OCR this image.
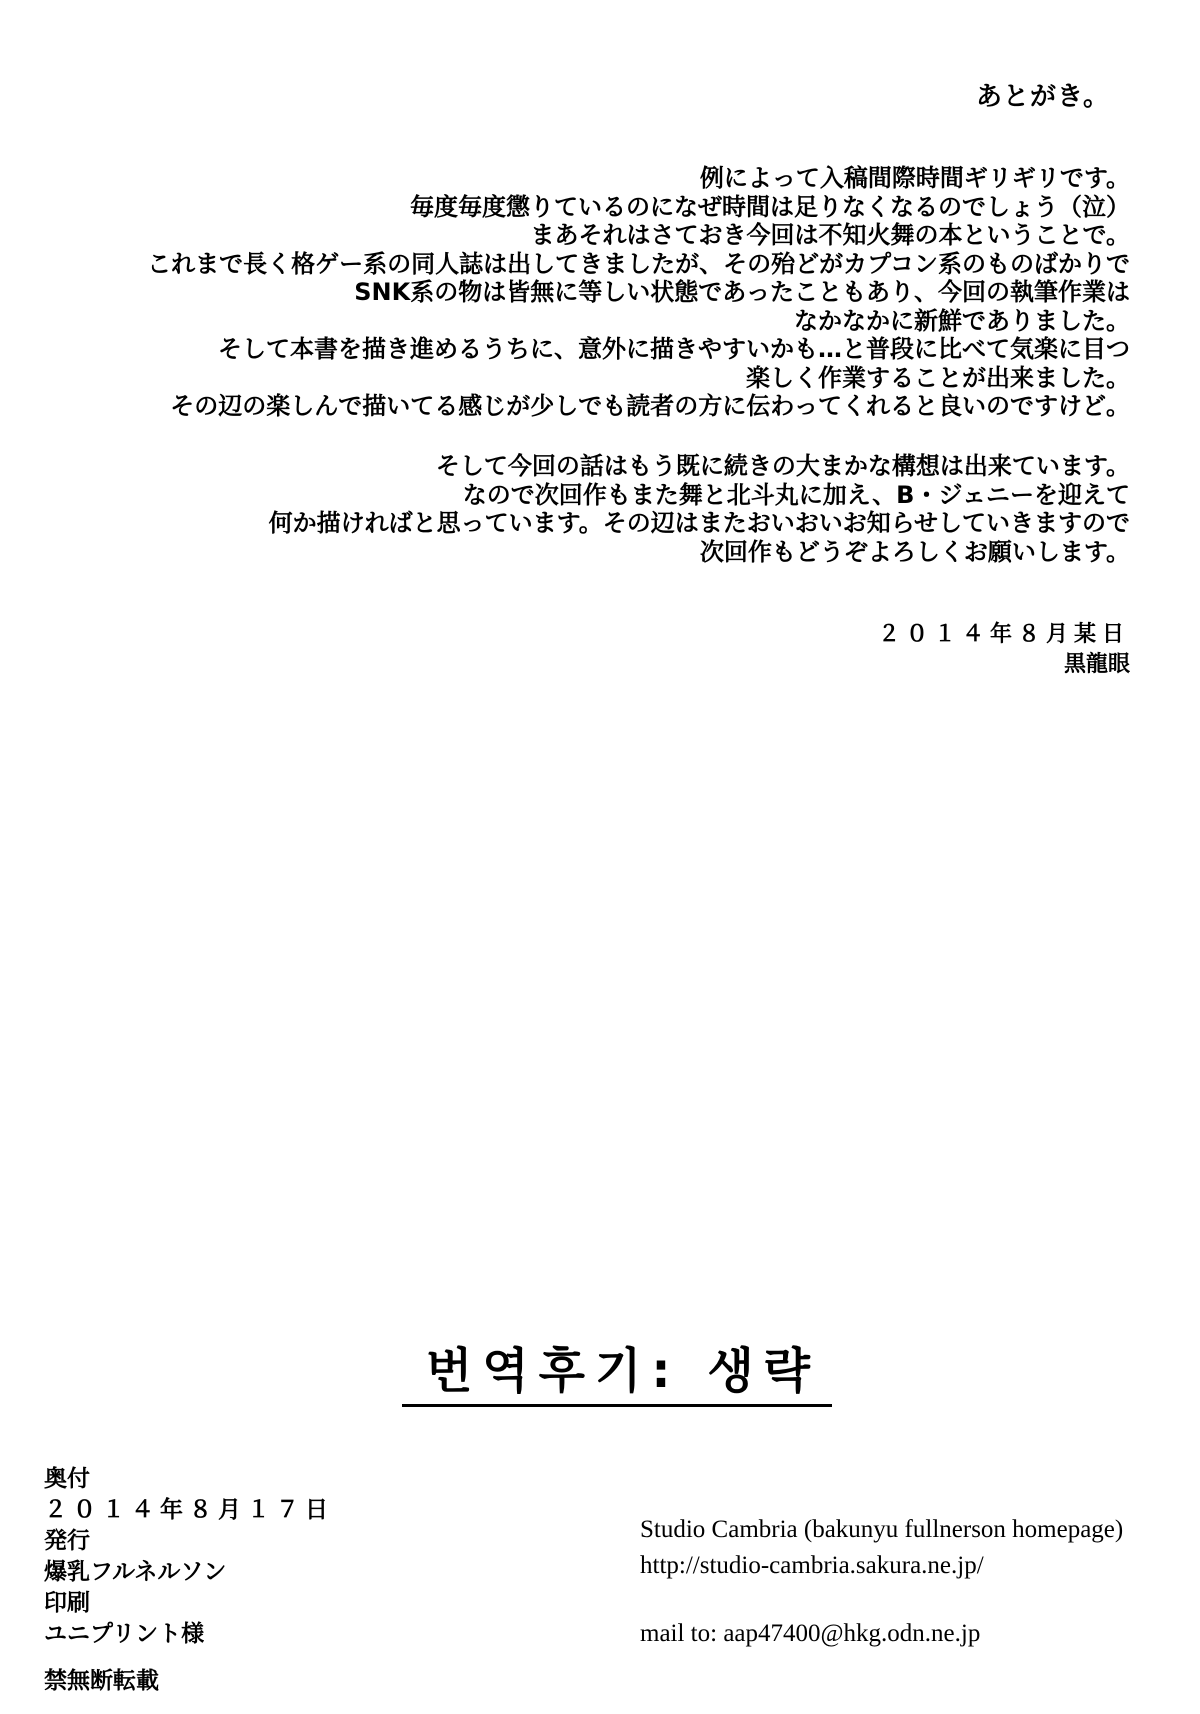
あとがき。
例によって入稿間際時間ギリギリです。
毎度毎度懲りているのになぜ時間は足りなくなるのでしょう（泣）
まあそれはさておき今回は不知火舞の本ということで。
これまで長く格ゲー系の同人誌は出してきましたが、その殆どがカプコン系のものばかりで
SNK系の物は皆無に等しい状態であったこともあり、今回の執筆作業は
なかなかに新鮮でありました。
そして本書を描き進めるうちに、意外に描きやすいかも…と普段に比べて気楽に目つ
楽しく作業することが出来ました。
その辺の楽しんで描いてる感じが少しでも読者の方に伝わってくれると良いのですけど。
そして今回の話はもう既に続きの大まかな構想は出来ています。
なので次回作もまた舞と北斗丸に加え、B・ジェニーを迎えて
何か描ければと思っています。その辺はまたおいおいお知らせしていきますので
次回作もどうぞよろしくお願いします。
２０１４年８月某日
黒龍眼
번역후기: 생략
奥付
２０１４年８月１７日
発行
爆乳フルネルソン
印刷
ユニプリント様
禁無断転載
Studio Cambria (bakunyu fullnerson homepage)
http://studio-cambria.sakura.ne.jp/
mail to: aap47400@hkg.odn.ne.jp
